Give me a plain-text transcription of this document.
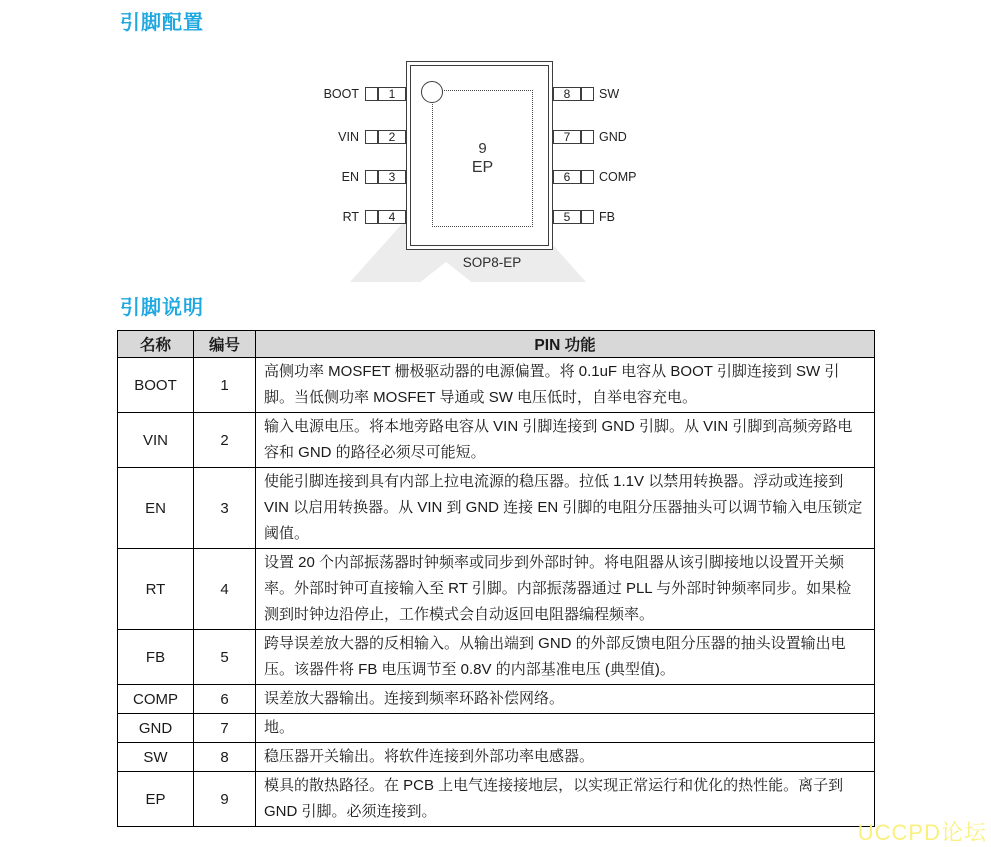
引脚配置
9
EP
BOOT	1
VIN	2
EN	3
RT	4
8	SW
7	GND
6	COMP
5	FB
SOP8-EP
引脚说明
名称	编号	PIN 功能
BOOT	1	高侧功率 MOSFET 栅极驱动器的电源偏置。将 0.1uF 电容从 BOOT 引脚连接到 SW 引脚。当低侧功率 MOSFET 导通或 SW 电压低时，自举电容充电。
VIN	2	输入电源电压。将本地旁路电容从 VIN 引脚连接到 GND 引脚。从 VIN 引脚到高频旁路电容和 GND 的路径必须尽可能短。
EN	3	使能引脚连接到具有内部上拉电流源的稳压器。拉低 1.1V 以禁用转换器。浮动或连接到 VIN 以启用转换器。从 VIN 到 GND 连接 EN 引脚的电阻分压器抽头可以调节输入电压锁定阈值。
RT	4	设置 20 个内部振荡器时钟频率或同步到外部时钟。将电阻器从该引脚接地以设置开关频率。外部时钟可直接输入至 RT 引脚。内部振荡器通过 PLL 与外部时钟频率同步。如果检测到时钟边沿停止，工作模式会自动返回电阻器编程频率。
FB	5	跨导误差放大器的反相输入。从输出端到 GND 的外部反馈电阻分压器的抽头设置输出电压。该器件将 FB 电压调节至 0.8V 的内部基准电压 (典型值)。
COMP	6	误差放大器输出。连接到频率环路补偿网络。
GND	7	地。
SW	8	稳压器开关输出。将软件连接到外部功率电感器。
EP	9	模具的散热路径。在 PCB 上电气连接接地层，以实现正常运行和优化的热性能。离子到 GND 引脚。必须连接到。
UCCPD论坛
